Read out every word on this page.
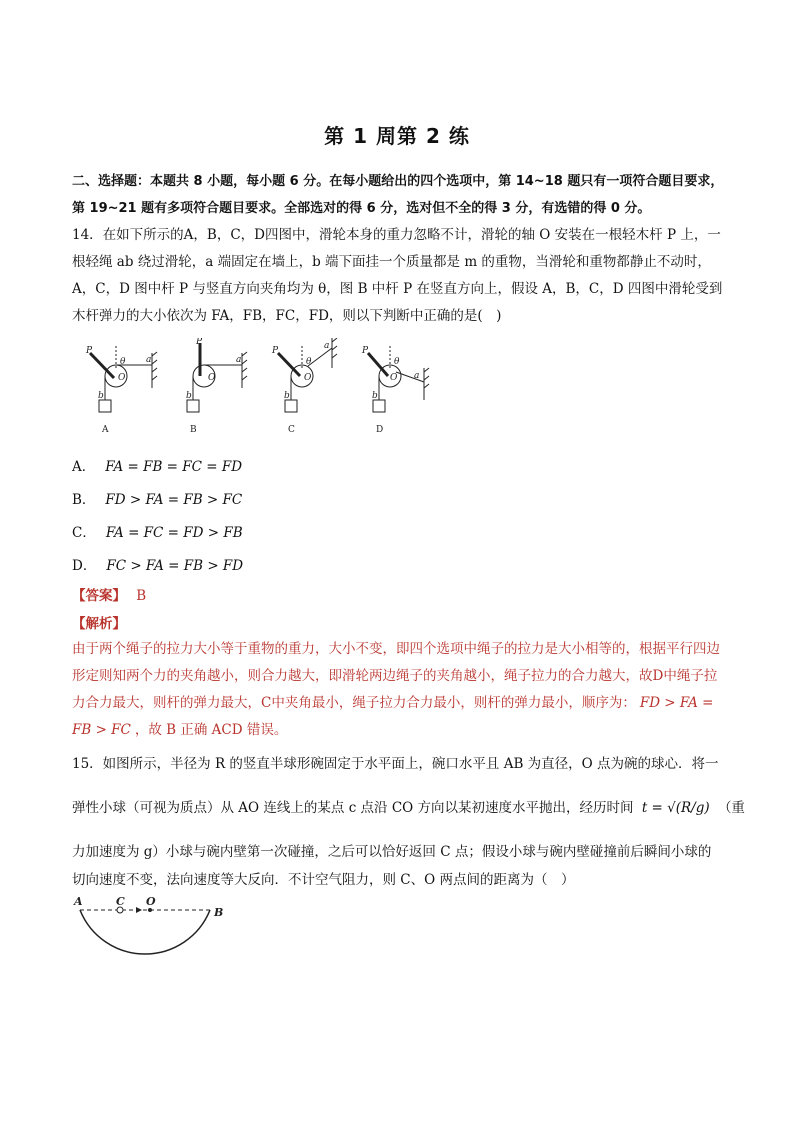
第 1 周第 2 练

二、选择题：本题共 8 小题，每小题 6 分。在每小题给出的四个选项中，第 14~18 题只有一项符合题目要求，第 19~21 题有多项符合题目要求。全部选对的得 6 分，选对但不全的得 3 分，有选错的得 0 分。

14．在如下所示的A，B，C，D四图中，滑轮本身的重力忽略不计，滑轮的轴 O 安装在一根轻木杆 P 上，一根轻绳 ab 绕过滑轮，a 端固定在墙上，b 端下面挂一个质量都是 m 的重物，当滑轮和重物都静止不动时，A，C，D 图中杆 P 与竖直方向夹角均为 θ，图 B 中杆 P 在竖直方向上，假设 A，B，C，D 四图中滑轮受到木杆弹力的大小依次为 FA，FB，FC，FD，则以下判断中正确的是(　)

P
θ
O
a
b
P
O
a
b
P
θ
O
a
b
P
θ
O a
b
A	B	C	D
A． FA = FB = FC = FD
B． FD > FA = FB > FC
C． FA = FC = FD > FB
D． FC > FA = FB > FD
【答案】 B
【解析】

由于两个绳子的拉力大小等于重物的重力，大小不变，即四个选项中绳子的拉力是大小相等的，根据平行四边形定则知两个力的夹角越小，则合力越大，即滑轮两边绳子的夹角越小，绳子拉力的合力越大，故D中绳子拉力合力最大，则杆的弹力最大，C中夹角最小，绳子拉力合力最小，则杆的弹力最小，顺序为： FD > FA = FB > FC ，故 B 正确 ACD 错误。

15．如图所示，半径为 R 的竖直半球形碗固定于水平面上，碗口水平且 AB 为直径，O 点为碗的球心．将一
弹性小球（可视为质点）从 AO 连线上的某点 c 点沿 CO 方向以某初速度水平抛出，经历时间 t = √(R/g) （重
力加速度为 g）小球与碗内壁第一次碰撞，之后可以恰好返回 C 点；假设小球与碗内壁碰撞前后瞬间小球的
切向速度不变，法向速度等大反向．不计空气阻力，则 C、O 两点间的距离为（　）
A	C O
B
